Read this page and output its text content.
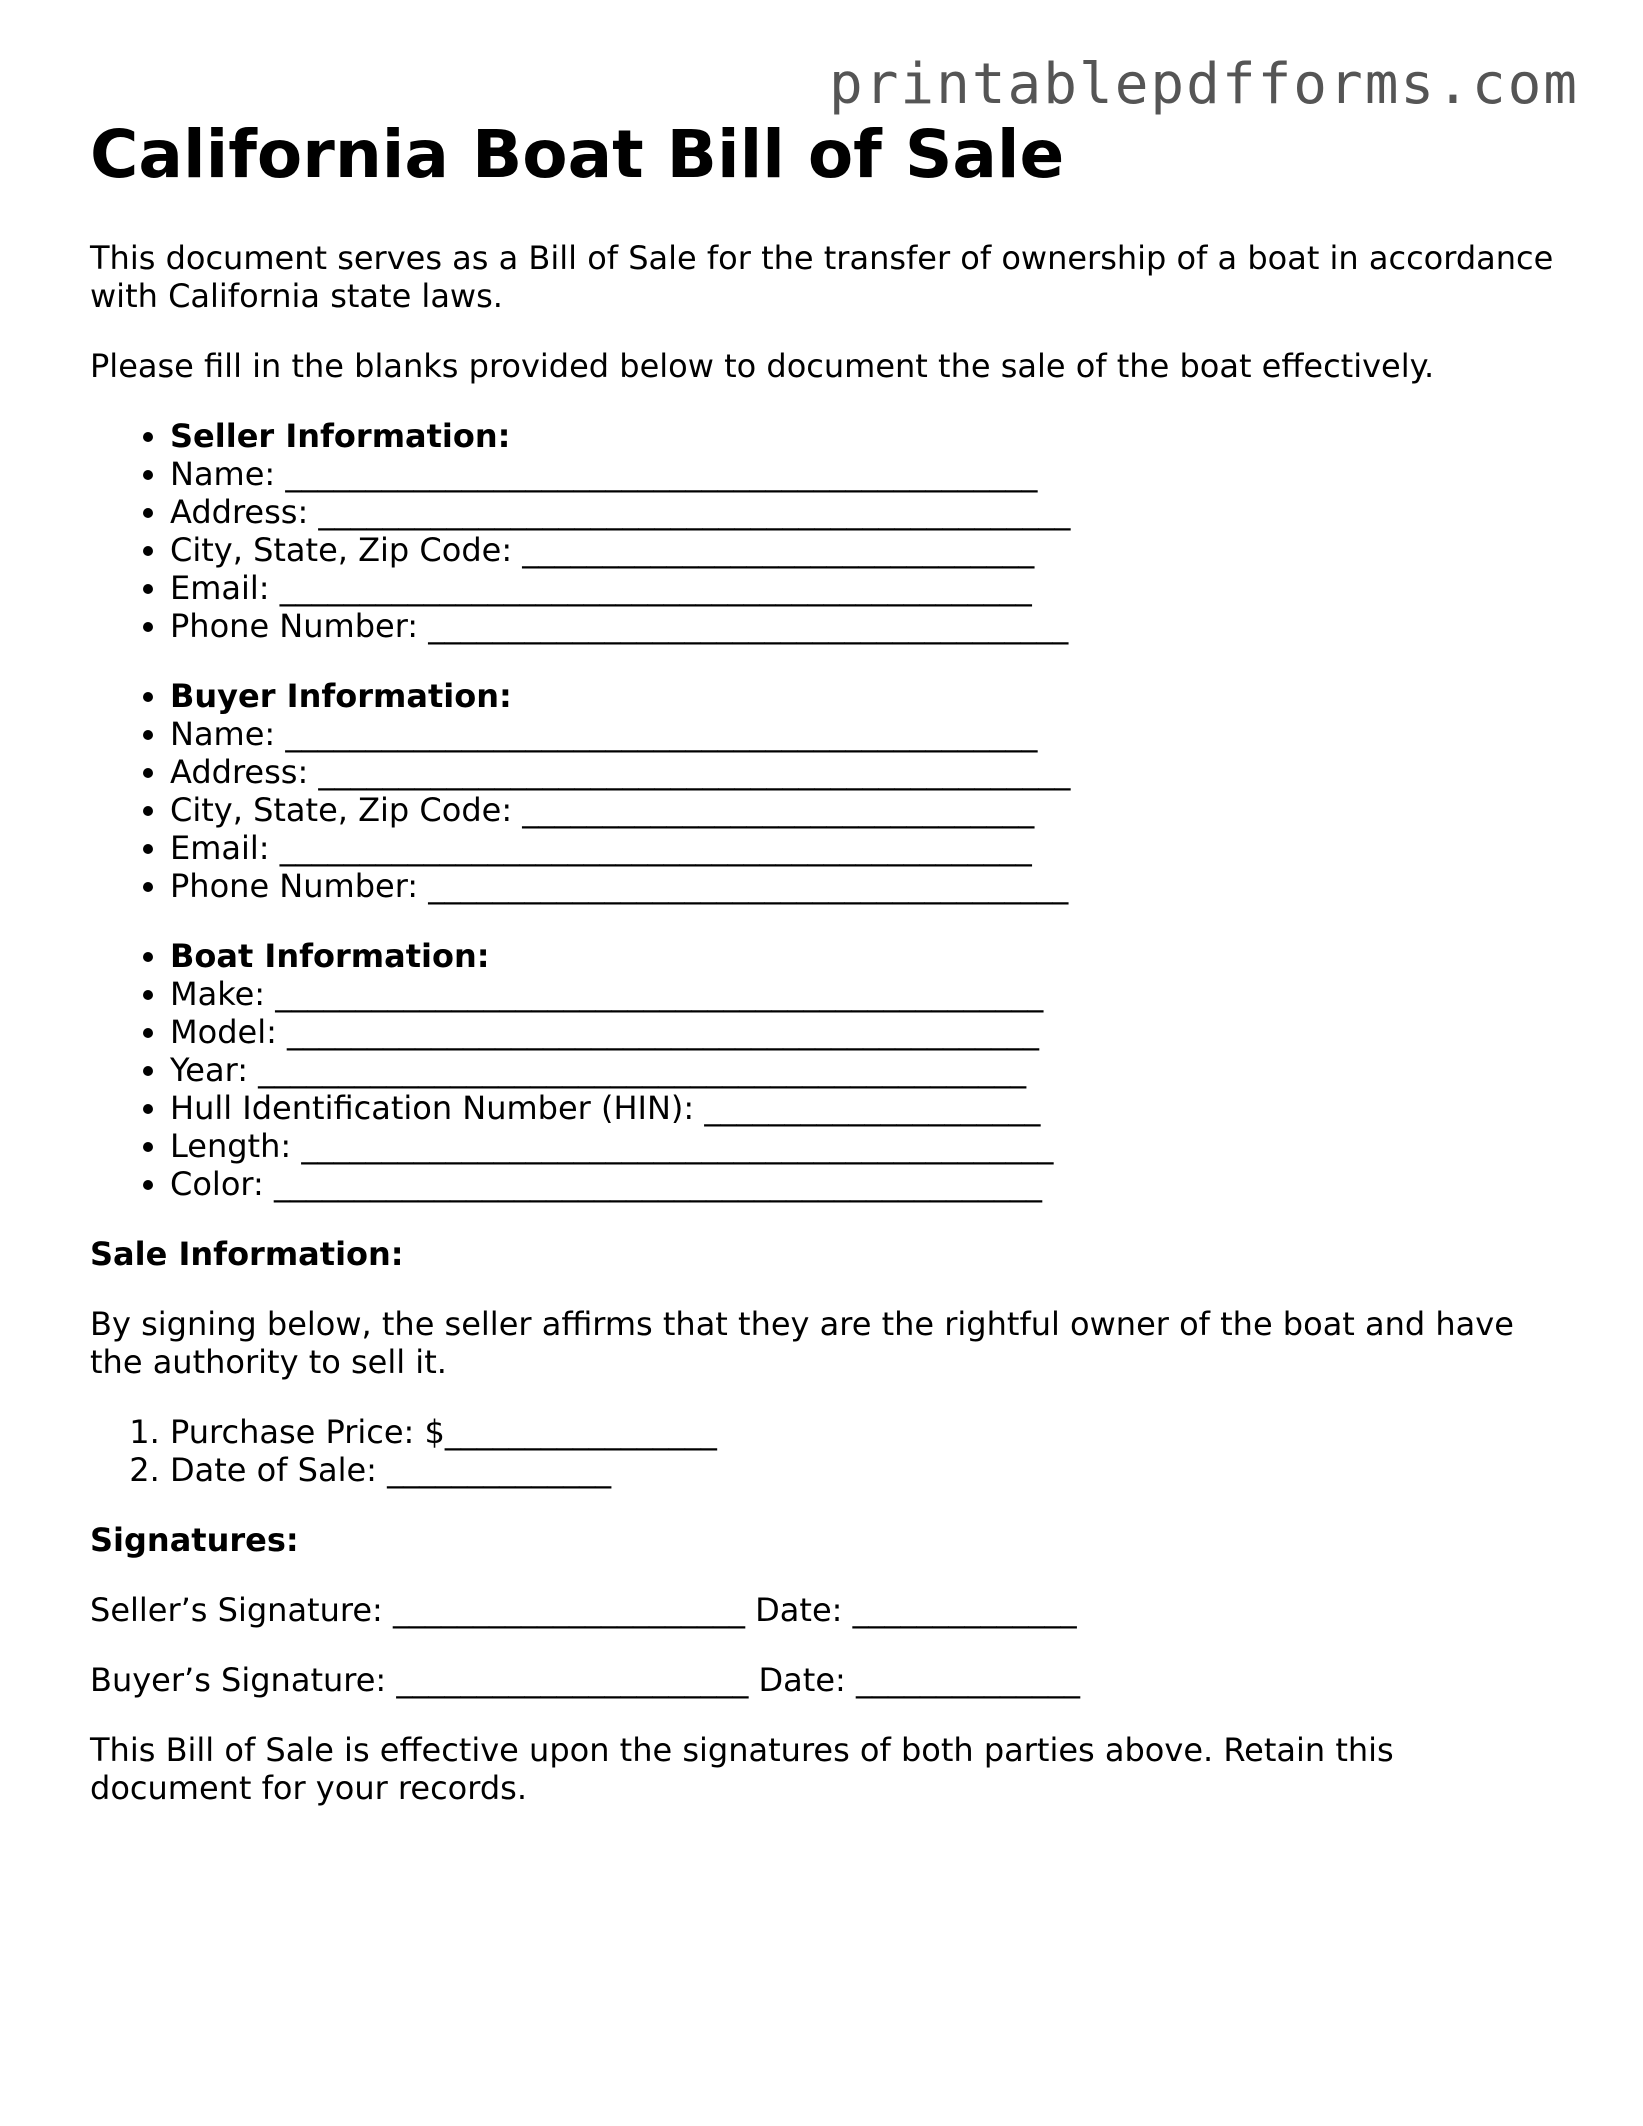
printablepdfforms.com
California Boat Bill of Sale

This document serves as a Bill of Sale for the transfer of ownership of a boat in accordance with California state laws.

Please fill in the blanks provided below to document the sale of the boat effectively.

• Seller Information:
• Name: _______________________________________________
• Address: _______________________________________________
• City, State, Zip Code: ________________________________
• Email: _______________________________________________
• Phone Number: ________________________________________
• Buyer Information:
• Name: _______________________________________________
• Address: _______________________________________________
• City, State, Zip Code: ________________________________
• Email: _______________________________________________
• Phone Number: ________________________________________
• Boat Information:
• Make: ________________________________________________
• Model: _______________________________________________
• Year: ________________________________________________
• Hull Identification Number (HIN): _____________________
• Length: _______________________________________________
• Color: ________________________________________________
Sale Information:

By signing below, the seller affirms that they are the rightful owner of the boat and have the authority to sell it.

1. Purchase Price: $_________________
2. Date of Sale: ______________
Signatures:
Seller’s Signature: ______________________ Date: ______________
Buyer’s Signature: ______________________ Date: ______________

This Bill of Sale is effective upon the signatures of both parties above. Retain this document for your records.
